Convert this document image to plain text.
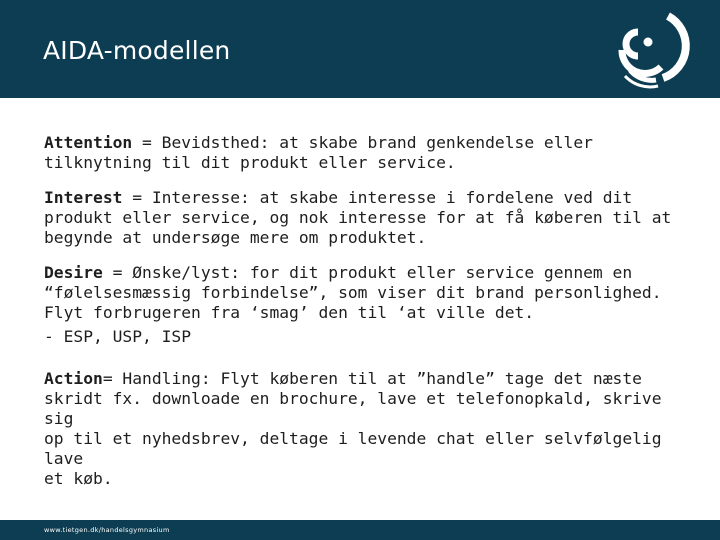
AIDA-modellen

Attention = Bevidsthed: at skabe brand genkendelse eller
tilknytning til dit produkt eller service.

Interest = Interesse: at skabe interesse i fordelene ved dit
produkt eller service, og nok interesse for at få køberen til at
begynde at undersøge mere om produktet.

Desire = Ønske/lyst: for dit produkt eller service gennem en
“følelsesmæssig forbindelse”, som viser dit brand personlighed.
Flyt forbrugeren fra ‘smag’ den til ‘at ville det.

- ESP, USP, ISP

Action= Handling: Flyt køberen til at ”handle” tage det næste
skridt fx. downloade en brochure, lave et telefonopkald, skrive sig
op til et nyhedsbrev, deltage i levende chat eller selvfølgelig lave
et køb.

www.tietgen.dk/handelsgymnasium
